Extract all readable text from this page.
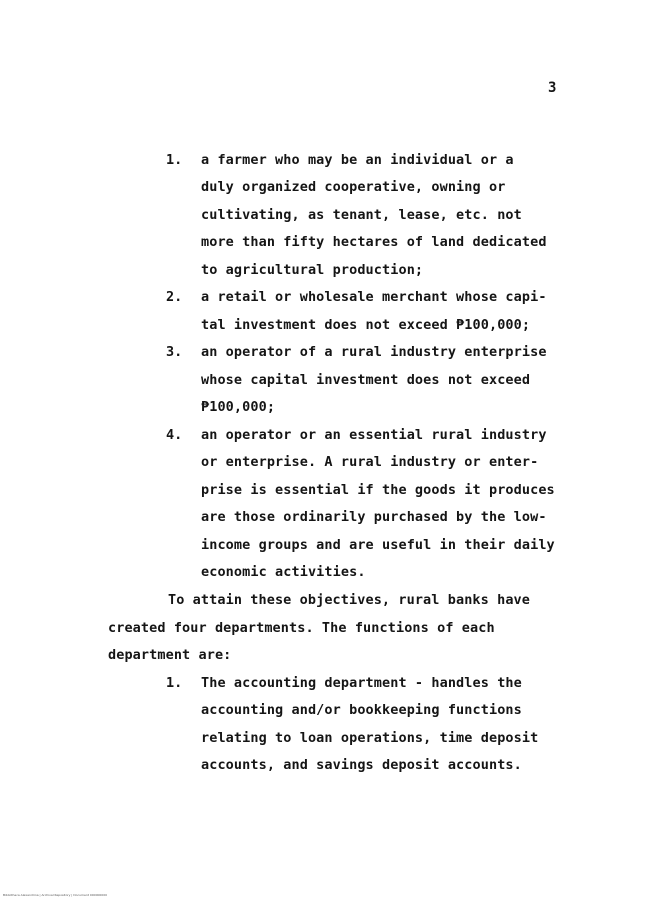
3
1. a farmer who may be an individual or a
duly organized cooperative, owning or
cultivating, as tenant, lease, etc. not
more than fifty hectares of land dedicated
to agricultural production;
2. a retail or wholesale merchant whose capi-
tal investment does not exceed ₱100,000;
3. an operator of a rural industry enterprise
whose capital investment does not exceed
₱100,000;
4. an operator or an essential rural industry
or enterprise. A rural industry or enter-
prise is essential if the goods it produces
are those ordinarily purchased by the low-
income groups and are useful in their daily
economic activities.
To attain these objectives, rural banks have
created four departments. The functions of each
department are:
1. The accounting department - handles the
accounting and/or bookkeeping functions
relating to loan operations, time deposit
accounts, and savings deposit accounts.
Bibliotheca Alexandrina | Archival Repository | Document 000000000
